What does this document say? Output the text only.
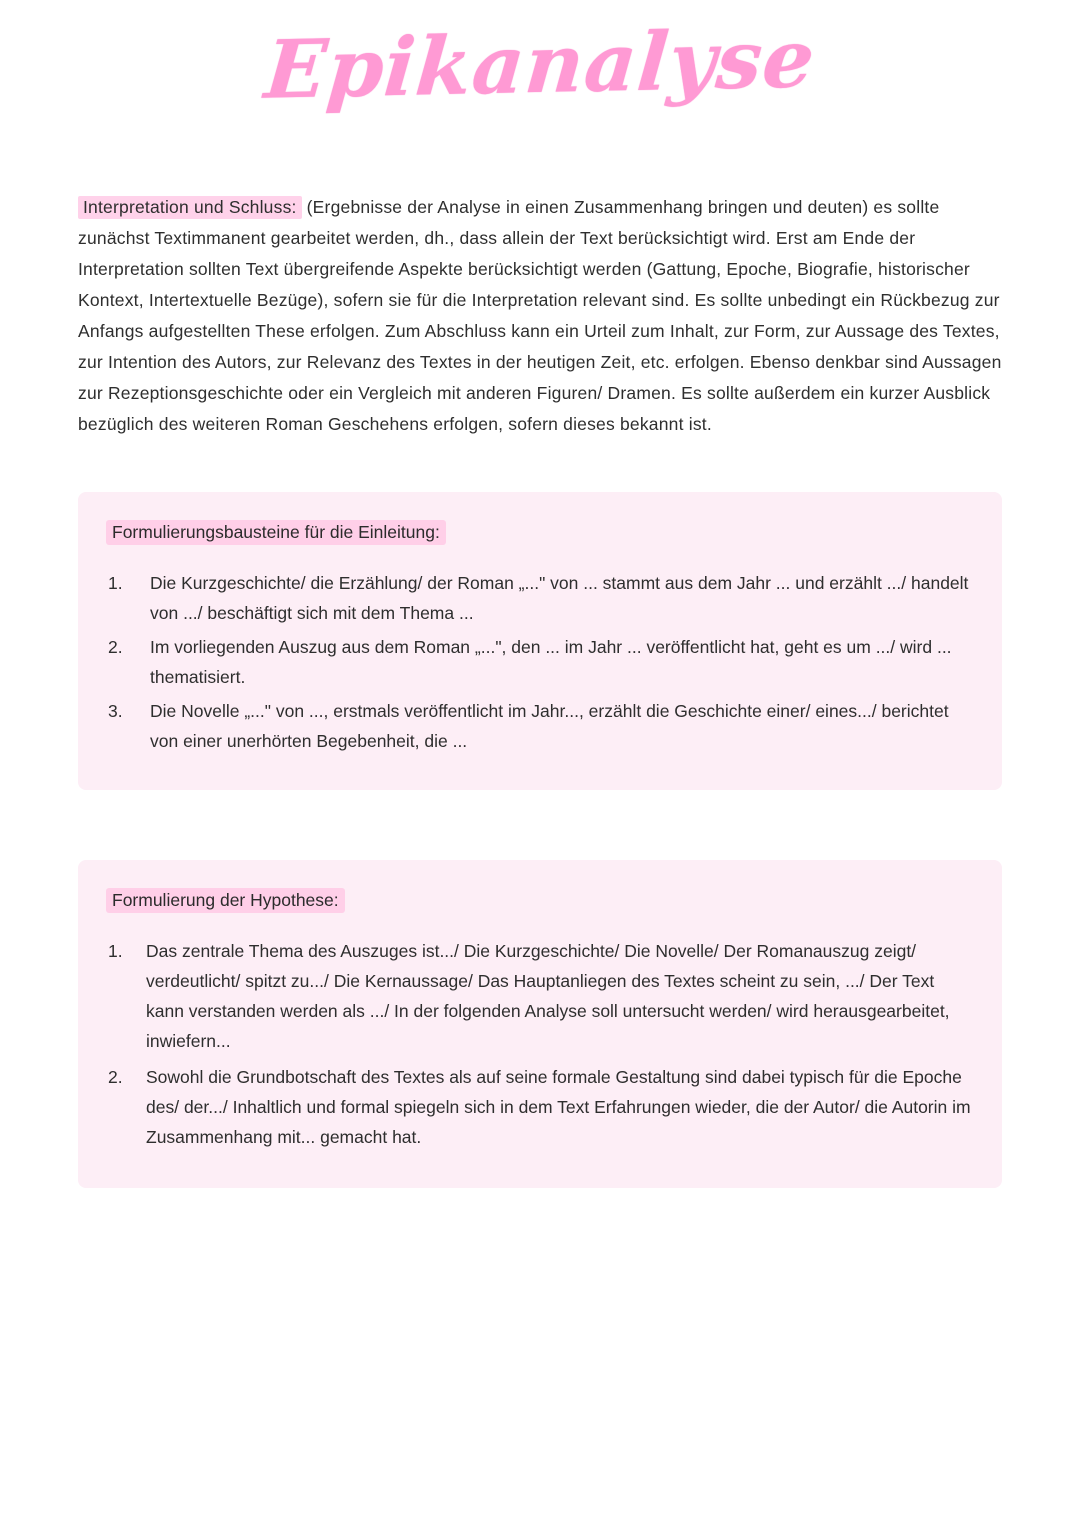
Epikanalyse
Interpretation und Schluss: (Ergebnisse der Analyse in einen Zusammenhang bringen und deuten) es sollte zunächst Textimmanent gearbeitet werden, dh., dass allein der Text berücksichtigt wird. Erst am Ende der Interpretation sollten Text übergreifende Aspekte berücksichtigt werden (Gattung, Epoche, Biografie, historischer Kontext, Intertextuelle Bezüge), sofern sie für die Interpretation relevant sind. Es sollte unbedingt ein Rückbezug zur Anfangs aufgestellten These erfolgen. Zum Abschluss kann ein Urteil zum Inhalt, zur Form, zur Aussage des Textes, zur Intention des Autors, zur Relevanz des Textes in der heutigen Zeit, etc. erfolgen. Ebenso denkbar sind Aussagen zur Rezeptionsgeschichte oder ein Vergleich mit anderen Figuren/ Dramen. Es sollte außerdem ein kurzer Ausblick bezüglich des weiteren Roman Geschehens erfolgen, sofern dieses bekannt ist.
Formulierungsbausteine für die Einleitung:
1.	Die Kurzgeschichte/ die Erzählung/ der Roman „..." von ... stammt aus dem Jahr ... und erzählt .../ handelt von .../ beschäftigt sich mit dem Thema ...
2.	Im vorliegenden Auszug aus dem Roman „...", den ... im Jahr ... veröffentlicht hat, geht es um .../ wird ... thematisiert.
3.	Die Novelle „..." von ..., erstmals veröffentlicht im Jahr..., erzählt die Geschichte einer/ eines.../ berichtet von einer unerhörten Begebenheit, die ...
Formulierung der Hypothese:
1.	Das zentrale Thema des Auszuges ist.../ Die Kurzgeschichte/ Die Novelle/ Der Romanauszug zeigt/ verdeutlicht/ spitzt zu.../ Die Kernaussage/ Das Hauptanliegen des Textes scheint zu sein, .../ Der Text kann verstanden werden als .../ In der folgenden Analyse soll untersucht werden/ wird herausgearbeitet, inwiefern...
2.	Sowohl die Grundbotschaft des Textes als auf seine formale Gestaltung sind dabei typisch für die Epoche des/ der.../ Inhaltlich und formal spiegeln sich in dem Text Erfahrungen wieder, die der Autor/ die Autorin im Zusammenhang mit... gemacht hat.
